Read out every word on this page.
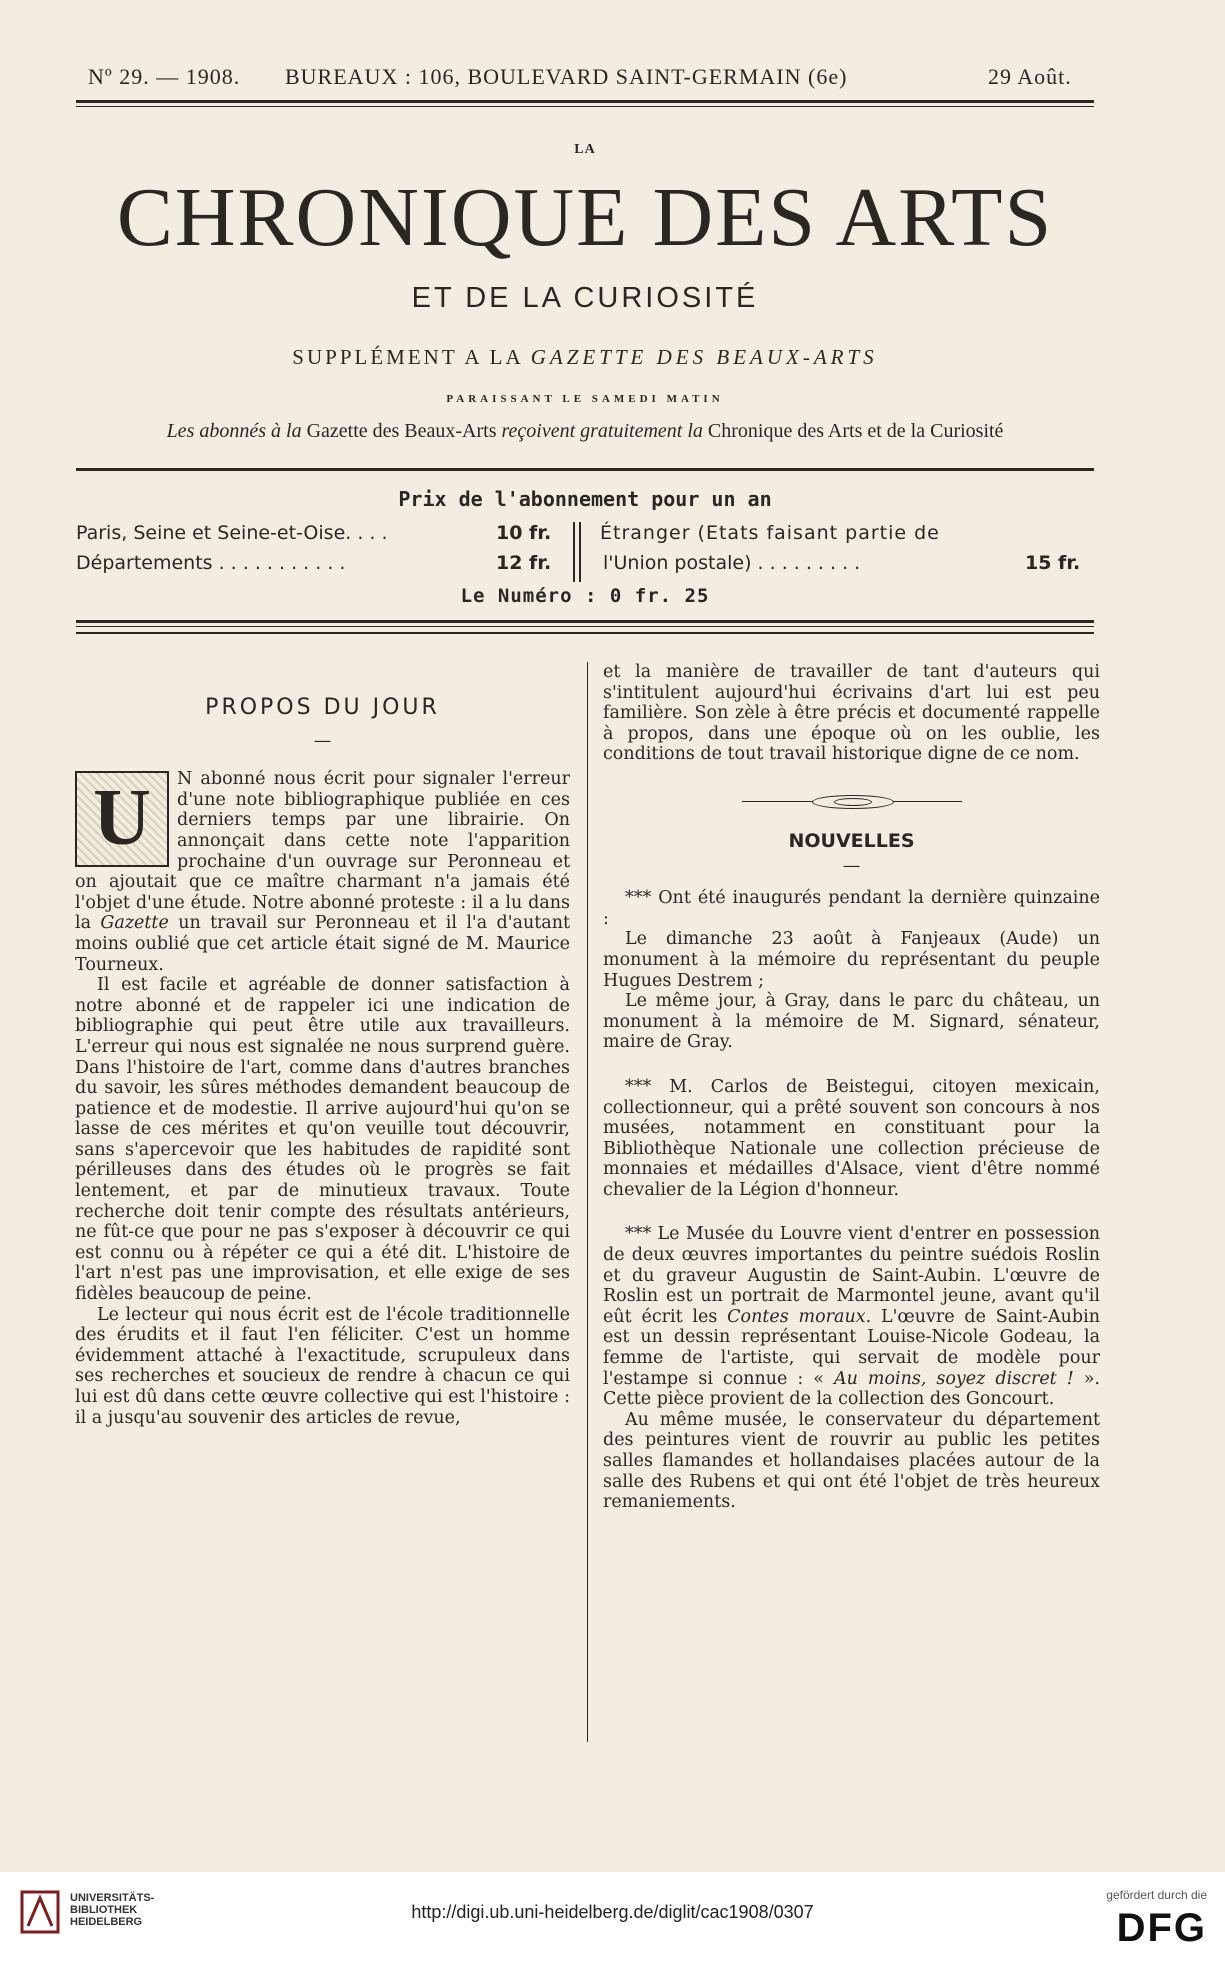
Nº 29. — 1908. BUREAUX : 106, BOULEVARD SAINT-GERMAIN (6e)	29 Août.
LA
CHRONIQUE DES ARTS
ET DE LA CURIOSITÉ
SUPPLÉMENT A LA GAZETTE DES BEAUX-ARTS
PARAISSANT LE SAMEDI MATIN
Les abonnés à la Gazette des Beaux-Arts reçoivent gratuitement la Chronique des Arts et de la Curiosité
Prix de l'abonnement pour un an
Paris, Seine et Seine-et-Oise. . . .	10 fr.
Départements . . . . . . . . . . .	12 fr.
Étranger (Etats faisant partie de
l'Union postale) . . . . . . . . .	15 fr.
Le Numéro : 0 fr. 25
PROPOS DU JOUR
—

U	N abonné nous écrit pour signaler l'erreur d'une note bibliographique publiée en ces derniers temps par une librairie. On annonçait dans cette note l'apparition prochaine d'un ouvrage sur Peronneau et on ajoutait que ce maître charmant n'a jamais été l'objet d'une étude. Notre abonné proteste : il a lu dans la Gazette un travail sur Peronneau et il l'a d'autant moins oublié que cet article était signé de M. Maurice Tourneux.

Il est facile et agréable de donner satisfaction à notre abonné et de rappeler ici une indication de bibliographie qui peut être utile aux travailleurs. L'erreur qui nous est signalée ne nous surprend guère. Dans l'histoire de l'art, comme dans d'autres branches du savoir, les sûres méthodes demandent beaucoup de patience et de modestie. Il arrive aujourd'hui qu'on se lasse de ces mérites et qu'on veuille tout découvrir, sans s'apercevoir que les habitudes de rapidité sont périlleuses dans des études où le progrès se fait lentement, et par de minutieux travaux. Toute recherche doit tenir compte des résultats antérieurs, ne fût-ce que pour ne pas s'exposer à découvrir ce qui est connu ou à répéter ce qui a été dit. L'histoire de l'art n'est pas une improvisation, et elle exige de ses fidèles beaucoup de peine.

Le lecteur qui nous écrit est de l'école traditionnelle des érudits et il faut l'en féliciter. C'est un homme évidemment attaché à l'exactitude, scrupuleux dans ses recherches et soucieux de rendre à chacun ce qui lui est dû dans cette œuvre collective qui est l'histoire : il a jusqu'au souvenir des articles de revue,

et la manière de travailler de tant d'auteurs qui s'intitulent aujourd'hui écrivains d'art lui est peu familière. Son zèle à être précis et documenté rappelle à propos, dans une époque où on les oublie, les conditions de tout travail historique digne de ce nom.

NOUVELLES
—

*** Ont été inaugurés pendant la dernière quinzaine :

Le dimanche 23 août à Fanjeaux (Aude) un monument à la mémoire du représentant du peuple Hugues Destrem ;

Le même jour, à Gray, dans le parc du château, un monument à la mémoire de M. Signard, sénateur, maire de Gray.

*** M. Carlos de Beistegui, citoyen mexicain, collectionneur, qui a prêté souvent son concours à nos musées, notamment en constituant pour la Bibliothèque Nationale une collection précieuse de monnaies et médailles d'Alsace, vient d'être nommé chevalier de la Légion d'honneur.

*** Le Musée du Louvre vient d'entrer en possession de deux œuvres importantes du peintre suédois Roslin et du graveur Augustin de Saint-Aubin. L'œuvre de Roslin est un portrait de Marmontel jeune, avant qu'il eût écrit les Contes moraux. L'œuvre de Saint-Aubin est un dessin représentant Louise-Nicole Godeau, la femme de l'artiste, qui servait de modèle pour l'estampe si connue : « Au moins, soyez discret ! ». Cette pièce provient de la collection des Goncourt.

Au même musée, le conservateur du département des peintures vient de rouvrir au public les petites salles flamandes et hollandaises placées autour de la salle des Rubens et qui ont été l'objet de très heureux remaniements.

UNIVERSITÄTS-
BIBLIOTHEK
HEIDELBERG	http://digi.ub.uni-heidelberg.de/diglit/cac1908/0307
gefördert durch die
DFG
